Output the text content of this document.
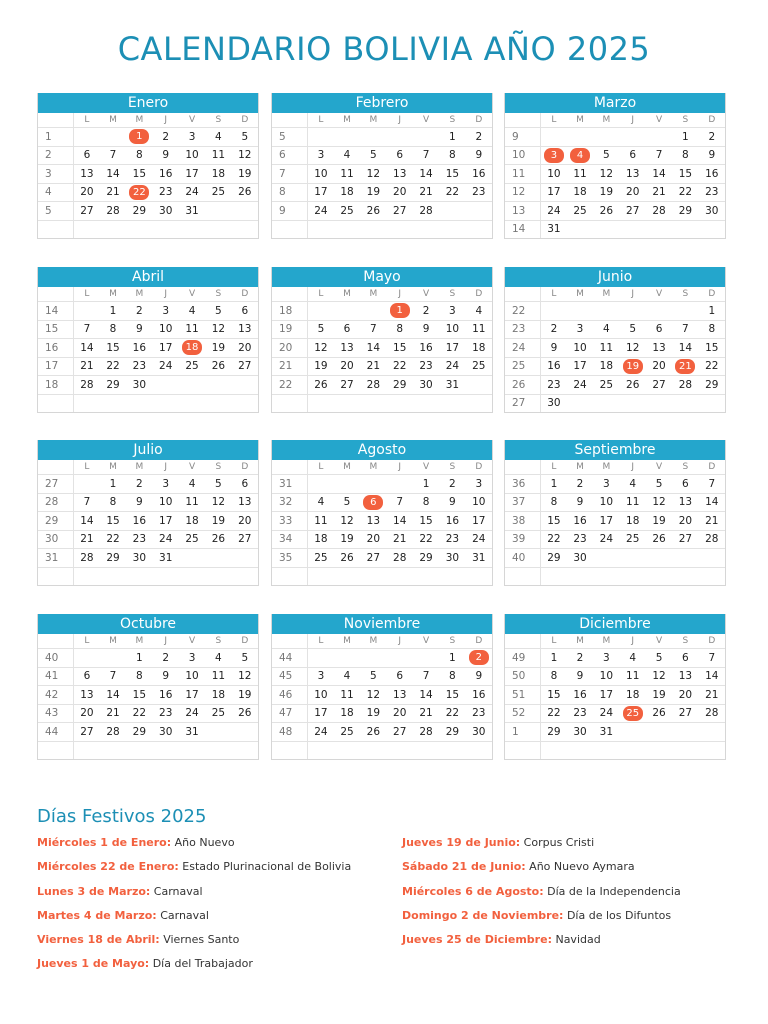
CALENDARIO BOLIVIA AÑO 2025
Enero
	L	M	M	J	V	S	D
1			1	2	3	4	5
2	6	7	8	9	10	11	12
3	13	14	15	16	17	18	19
4	20	21	22	23	24	25	26
5	27	28	29	30	31		

Febrero
	L	M	M	J	V	S	D
5						1	2
6	3	4	5	6	7	8	9
7	10	11	12	13	14	15	16
8	17	18	19	20	21	22	23
9	24	25	26	27	28		

Marzo
	L	M	M	J	V	S	D
9						1	2
10	3	4	5	6	7	8	9
11	10	11	12	13	14	15	16
12	17	18	19	20	21	22	23
13	24	25	26	27	28	29	30
14	31						
Abril
	L	M	M	J	V	S	D
14		1	2	3	4	5	6
15	7	8	9	10	11	12	13
16	14	15	16	17	18	19	20
17	21	22	23	24	25	26	27
18	28	29	30				

Mayo
	L	M	M	J	V	S	D
18				1	2	3	4
19	5	6	7	8	9	10	11
20	12	13	14	15	16	17	18
21	19	20	21	22	23	24	25
22	26	27	28	29	30	31	

Junio
	L	M	M	J	V	S	D
22							1
23	2	3	4	5	6	7	8
24	9	10	11	12	13	14	15
25	16	17	18	19	20	21	22
26	23	24	25	26	27	28	29
27	30						
Julio
	L	M	M	J	V	S	D
27		1	2	3	4	5	6
28	7	8	9	10	11	12	13
29	14	15	16	17	18	19	20
30	21	22	23	24	25	26	27
31	28	29	30	31			

Agosto
	L	M	M	J	V	S	D
31					1	2	3
32	4	5	6	7	8	9	10
33	11	12	13	14	15	16	17
34	18	19	20	21	22	23	24
35	25	26	27	28	29	30	31

Septiembre
	L	M	M	J	V	S	D
36	1	2	3	4	5	6	7
37	8	9	10	11	12	13	14
38	15	16	17	18	19	20	21
39	22	23	24	25	26	27	28
40	29	30					

Octubre
	L	M	M	J	V	S	D
40			1	2	3	4	5
41	6	7	8	9	10	11	12
42	13	14	15	16	17	18	19
43	20	21	22	23	24	25	26
44	27	28	29	30	31		

Noviembre
	L	M	M	J	V	S	D
44						1	2
45	3	4	5	6	7	8	9
46	10	11	12	13	14	15	16
47	17	18	19	20	21	22	23
48	24	25	26	27	28	29	30

Diciembre
	L	M	M	J	V	S	D
49	1	2	3	4	5	6	7
50	8	9	10	11	12	13	14
51	15	16	17	18	19	20	21
52	22	23	24	25	26	27	28
1	29	30	31				

Días Festivos 2025
Miércoles 1 de Enero: Año Nuevo
Miércoles 22 de Enero: Estado Plurinacional de Bolivia
Lunes 3 de Marzo: Carnaval
Martes 4 de Marzo: Carnaval
Viernes 18 de Abril: Viernes Santo
Jueves 1 de Mayo: Día del Trabajador
Jueves 19 de Junio: Corpus Cristi
Sábado 21 de Junio: Año Nuevo Aymara
Miércoles 6 de Agosto: Día de la Independencia
Domingo 2 de Noviembre: Día de los Difuntos
Jueves 25 de Diciembre: Navidad
